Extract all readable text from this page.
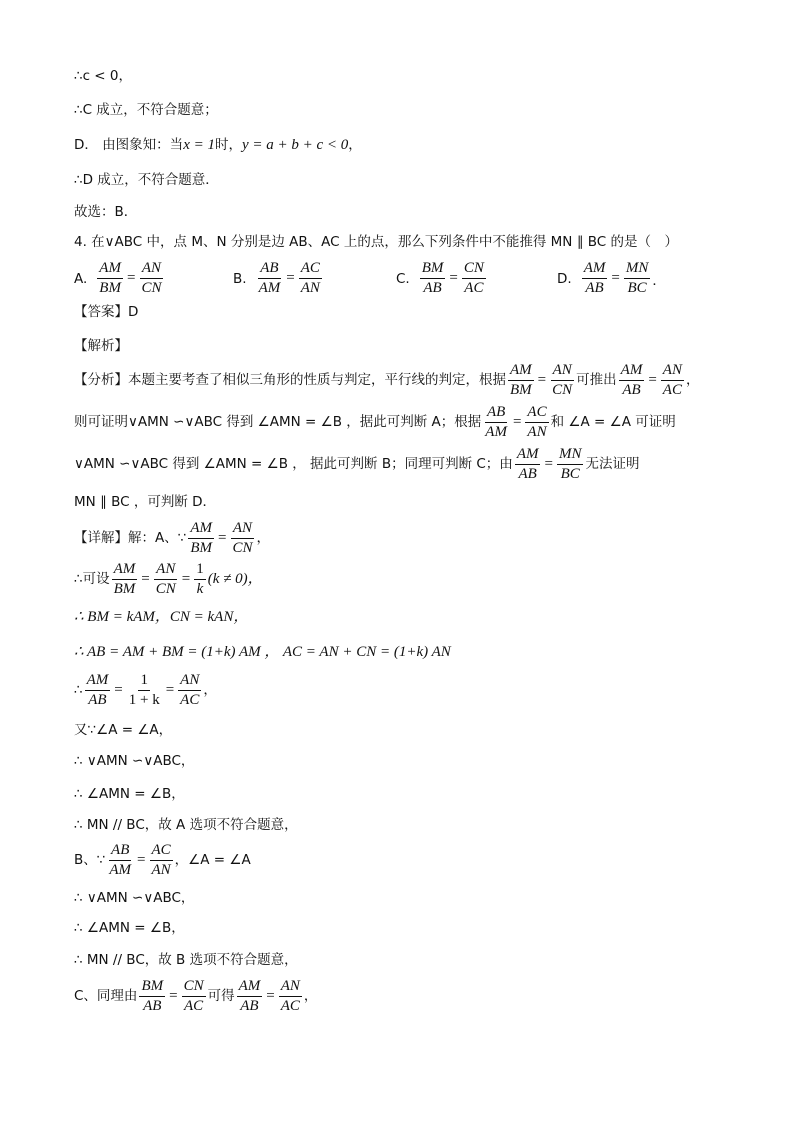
∴c < 0，
∴C 成立，不符合题意；
D． 由图象知：当 x = 1 时， y = a + b + c < 0 ，
∴D 成立，不符合题意．
故选：B．
4. 在∨ABC 中，点 M、N 分别是边 AB、AC 上的点，那么下列条件中不能推得 MN ∥ BC 的是（　）
A. $\frac{AM}{BM} = \frac{AN}{CN}$	B. $\frac{AB}{AM} = \frac{AC}{AN}$	C. $\frac{BM}{AB} = \frac{CN}{AC}$	D. $\frac{AM}{AB} = \frac{MN}{BC}$ ．
【答案】D
【解析】
【分析】本题主要考查了相似三角形的性质与判定，平行线的判定，根据 $\frac{AM}{BM} = \frac{AN}{CN}$ 可推出 $\frac{AM}{AB} = \frac{AN}{AC}$ ，
则可证明∨AMN ∽∨ABC 得到 ∠AMN = ∠B ，据此可判断 A；根据 $\frac{AB}{AM} = \frac{AC}{AN}$ 和 ∠A = ∠A 可证明
∨AMN ∽∨ABC 得到 ∠AMN = ∠B ， 据此可判断 B；同理可判断 C；由 $\frac{AM}{AB} = \frac{MN}{BC}$ 无法证明
MN ∥ BC ，可判断 D．
【详解】解：A、∵ $\frac{AM}{BM} = \frac{AN}{CN}$ ，
∴可设 $\frac{AM}{BM} = \frac{AN}{CN} = \frac{1}{k} (k \ne 0)$，
∴ BM = kAM，CN = kAN，
∴ AB = AM + BM = (1+k) AM ， AC = AN + CN = (1+k) AN
∴ $\frac{AM}{AB} = \frac{1}{1 + k} = \frac{AN}{AC}$ ，
又∵∠A = ∠A，
∴ ∨AMN ∽∨ABC，
∴ ∠AMN = ∠B，
∴ MN // BC，故 A 选项不符合题意，
B、∵ $\frac{AB}{AM} = \frac{AC}{AN}$ ，∠A = ∠A
∴ ∨AMN ∽∨ABC，
∴ ∠AMN = ∠B，
∴ MN // BC，故 B 选项不符合题意，
C、同理由 $\frac{BM}{AB} = \frac{CN}{AC}$ 可得 $\frac{AM}{AB} = \frac{AN}{AC}$ ，
